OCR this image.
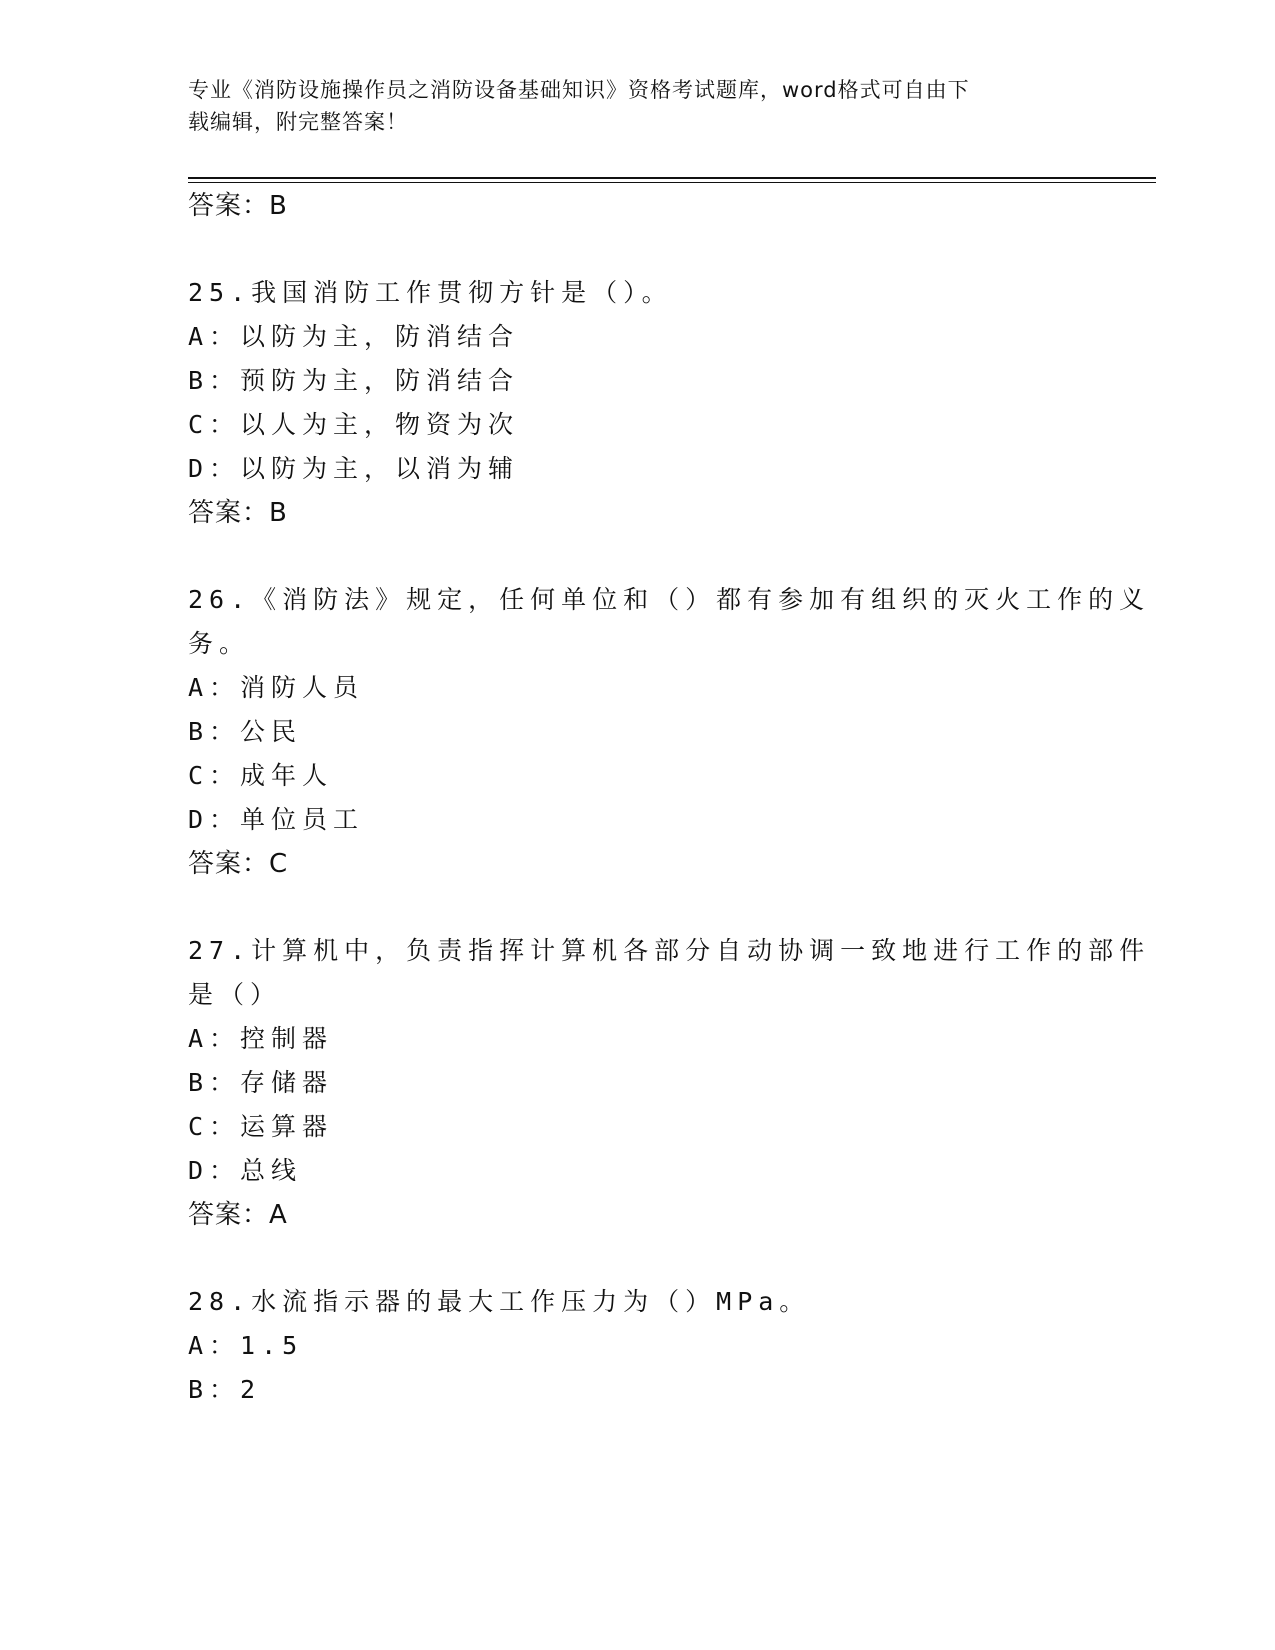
专业《消防设施操作员之消防设备基础知识》资格考试题库，word格式可自由下
载编辑，附完整答案！
答案：B
25.我国消防工作贯彻方针是（）。
A：以防为主，防消结合
B：预防为主，防消结合
C：以人为主，物资为次
D：以防为主，以消为辅
答案：B
26.《消防法》规定，任何单位和（）都有参加有组织的灭火工作的义
务。
A：消防人员
B：公民
C：成年人
D：单位员工
答案：C
27.计算机中，负责指挥计算机各部分自动协调一致地进行工作的部件
是（）
A：控制器
B：存储器
C：运算器
D：总线
答案：A
28.水流指示器的最大工作压力为（）MPa。
A：1.5
B：2
